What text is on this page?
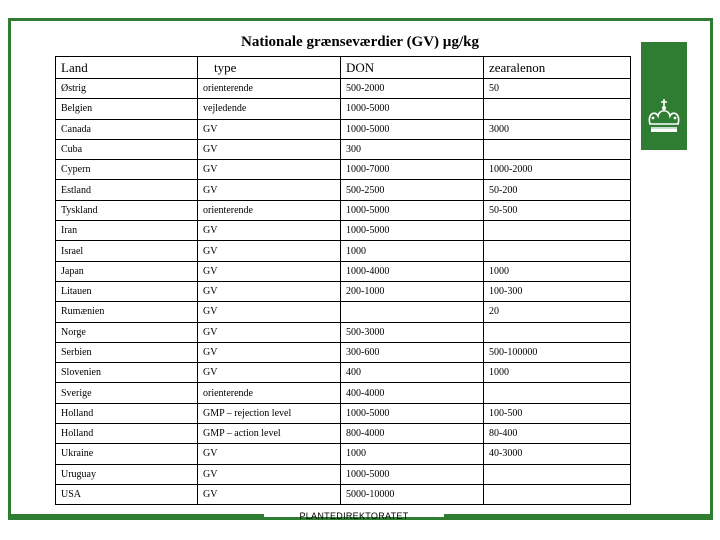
Nationale grænseværdier (GV) µg/kg
Land	type	DON	zearalenon
Østrig	orienterende	500-2000	50
Belgien	vejledende	1000-5000	
Canada	GV	1000-5000	3000
Cuba	GV	300	
Cypern	GV	1000-7000	1000-2000
Estland	GV	500-2500	50-200
Tyskland	orienterende	1000-5000	50-500
Iran	GV	1000-5000	
Israel	GV	1000	
Japan	GV	1000-4000	1000
Litauen	GV	200-1000	100-300
Rumænien	GV		20
Norge	GV	500-3000	
Serbien	GV	300-600	500-100000
Slovenien	GV	400	1000
Sverige	orienterende	400-4000	
Holland	GMP – rejection level	1000-5000	100-500
Holland	GMP – action level	800-4000	80-400
Ukraine	GV	1000	40-3000
Uruguay	GV	1000-5000	
USA	GV	5000-10000	
PLANTEDIREKTORATET
